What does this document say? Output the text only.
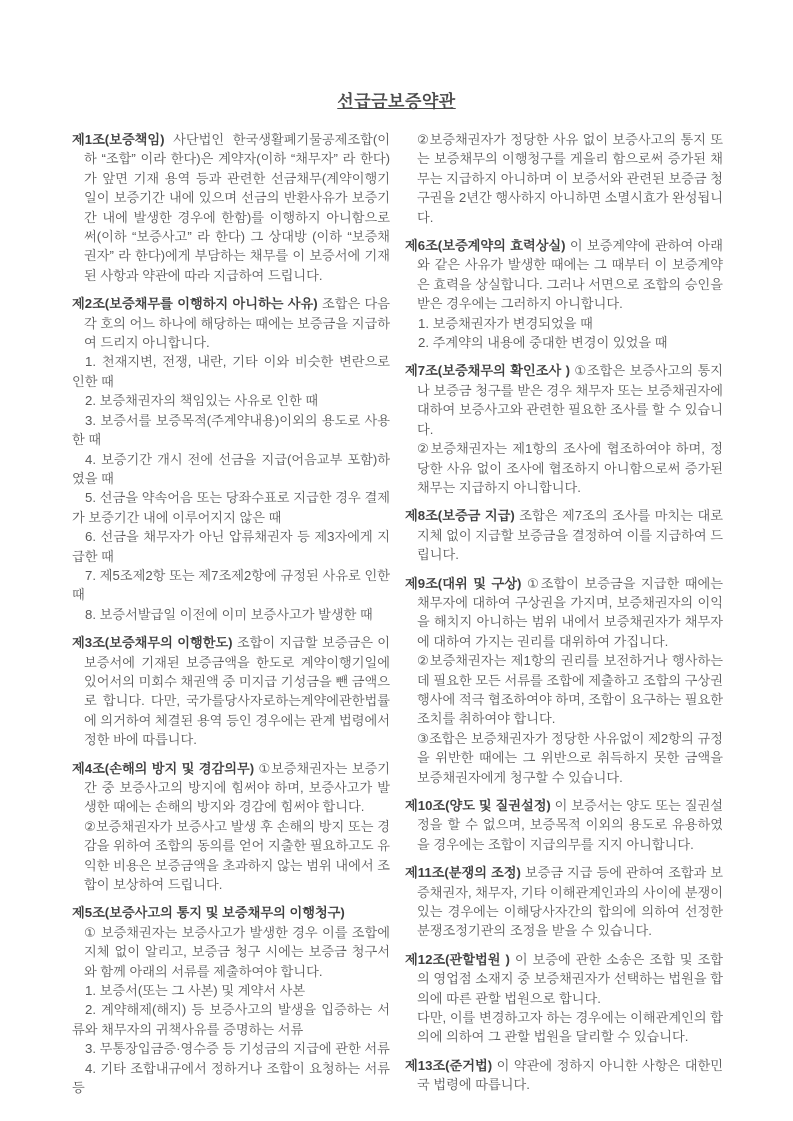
선급금보증약관

제1조(보증책임) 사단법인 한국생활폐기물공제조합(이하 “조합” 이라 한다)은 계약자(이하 “채무자” 라 한다)가 앞면 기재 용역 등과 관련한 선금채무(계약이행기일이 보증기간 내에 있으며 선금의 반환사유가 보증기간 내에 발생한 경우에 한함)를 이행하지 아니함으로써(이하 “보증사고” 라 한다) 그 상대방 (이하 “보증채권자” 라 한다)에게 부담하는 채무를 이 보증서에 기재된 사항과 약관에 따라 지급하여 드립니다.

제2조(보증채무를 이행하지 아니하는 사유) 조합은 다음 각 호의 어느 하나에 해당하는 때에는 보증금을 지급하여 드리지 아니합니다.

1. 천재지변, 전쟁, 내란, 기타 이와 비슷한 변란으로 인한 때

2. 보증채권자의 책임있는 사유로 인한 때

3. 보증서를 보증목적(주계약내용)이외의 용도로 사용한 때

4. 보증기간 개시 전에 선금을 지급(어음교부 포함)하였을 때

5. 선금을 약속어음 또는 당좌수표로 지급한 경우 결제가 보증기간 내에 이루어지지 않은 때

6. 선금을 채무자가 아닌 압류채권자 등 제3자에게 지급한 때

7. 제5조제2항 또는 제7조제2항에 규정된 사유로 인한 때

8. 보증서발급일 이전에 이미 보증사고가 발생한 때

제3조(보증채무의 이행한도) 조합이 지급할 보증금은 이 보증서에 기재된 보증금액을 한도로 계약이행기일에 있어서의 미회수 채권액 중 미지급 기성금을 뺀 금액으로 합니다. 다만, 국가를당사자로하는계약에관한법률에 의거하여 체결된 용역 등인 경우에는 관계 법령에서 정한 바에 따릅니다.

제4조(손해의 방지 및 경감의무) ①보증채권자는 보증기간 중 보증사고의 방지에 힘써야 하며, 보증사고가 발생한 때에는 손해의 방지와 경감에 힘써야 합니다.

②보증채권자가 보증사고 발생 후 손해의 방지 또는 경감을 위하여 조합의 동의를 얻어 지출한 필요하고도 유익한 비용은 보증금액을 초과하지 않는 범위 내에서 조합이 보상하여 드립니다.

제5조(보증사고의 통지 및 보증채무의 이행청구)

① 보증채권자는 보증사고가 발생한 경우 이를 조합에 지체 없이 알리고, 보증금 청구 시에는 보증금 청구서와 함께 아래의 서류를 제출하여야 합니다.

1. 보증서(또는 그 사본) 및 계약서 사본

2. 계약해제(해지) 등 보증사고의 발생을 입증하는 서류와 채무자의 귀책사유를 증명하는 서류

3. 무통장입금증·영수증 등 기성금의 지급에 관한 서류

4. 기타 조합내규에서 정하거나 조합이 요청하는 서류 등

②보증채권자가 정당한 사유 없이 보증사고의 통지 또는 보증채무의 이행청구를 게을리 함으로써 증가된 채무는 지급하지 아니하며 이 보증서와 관련된 보증금 청구권을 2년간 행사하지 아니하면 소멸시효가 완성됩니다.

제6조(보증계약의 효력상실) 이 보증계약에 관하여 아래와 같은 사유가 발생한 때에는 그 때부터 이 보증계약은 효력을 상실합니다. 그러나 서면으로 조합의 승인을 받은 경우에는 그러하지 아니합니다.

1. 보증채권자가 변경되었을 때

2. 주계약의 내용에 중대한 변경이 있었을 때

제7조(보증채무의 확인조사 ) ①조합은 보증사고의 통지나 보증금 청구를 받은 경우 채무자 또는 보증채권자에 대하여 보증사고와 관련한 필요한 조사를 할 수 있습니다.

②보증채권자는 제1항의 조사에 협조하여야 하며, 정당한 사유 없이 조사에 협조하지 아니함으로써 증가된 채무는 지급하지 아니합니다.

제8조(보증금 지급) 조합은 제7조의 조사를 마치는 대로 지체 없이 지급할 보증금을 결정하여 이를 지급하여 드립니다.

제9조(대위 및 구상) ①조합이 보증금을 지급한 때에는 채무자에 대하여 구상권을 가지며, 보증채권자의 이익을 해치지 아니하는 범위 내에서 보증채권자가 채무자에 대하여 가지는 권리를 대위하여 가집니다.

②보증채권자는 제1항의 권리를 보전하거나 행사하는데 필요한 모든 서류를 조합에 제출하고 조합의 구상권 행사에 적극 협조하여야 하며, 조합이 요구하는 필요한 조치를 취하여야 합니다.

③조합은 보증채권자가 정당한 사유없이 제2항의 규정을 위반한 때에는 그 위반으로 취득하지 못한 금액을 보증채권자에게 청구할 수 있습니다.

제10조(양도 및 질권설정) 이 보증서는 양도 또는 질권설정을 할 수 없으며, 보증목적 이외의 용도로 유용하였을 경우에는 조합이 지급의무를 지지 아니합니다.

제11조(분쟁의 조정) 보증금 지급 등에 관하여 조합과 보증채권자, 채무자, 기타 이해관계인과의 사이에 분쟁이 있는 경우에는 이해당사자간의 합의에 의하여 선정한 분쟁조정기관의 조정을 받을 수 있습니다.

제12조(관할법원 ) 이 보증에 관한 소송은 조합 및 조합의 영업점 소재지 중 보증채권자가 선택하는 법원을 합의에 따른 관할 법원으로 합니다.

다만, 이를 변경하고자 하는 경우에는 이해관계인의 합의에 의하여 그 관할 법원을 달리할 수 있습니다.

제13조(준거법) 이 약관에 정하지 아니한 사항은 대한민국 법령에 따릅니다.
